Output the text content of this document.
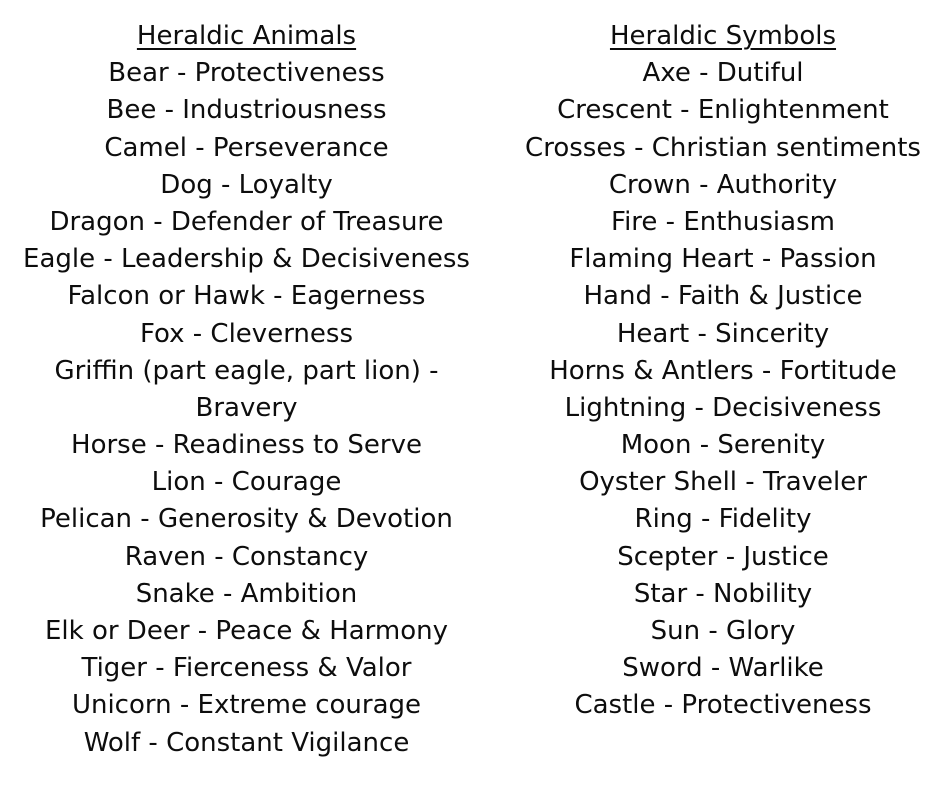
Heraldic Animals
Bear - Protectiveness
Bee - Industriousness
Camel - Perseverance
Dog - Loyalty
Dragon - Defender of Treasure
Eagle - Leadership & Decisiveness
Falcon or Hawk - Eagerness
Fox - Cleverness
Griffin (part eagle, part lion) -
Bravery
Horse - Readiness to Serve
Lion - Courage
Pelican - Generosity & Devotion
Raven - Constancy
Snake - Ambition
Elk or Deer - Peace & Harmony
Tiger - Fierceness & Valor
Unicorn - Extreme courage
Wolf - Constant Vigilance
Heraldic Symbols
Axe - Dutiful
Crescent - Enlightenment
Crosses - Christian sentiments
Crown - Authority
Fire - Enthusiasm
Flaming Heart - Passion
Hand - Faith & Justice
Heart - Sincerity
Horns & Antlers - Fortitude
Lightning - Decisiveness
Moon - Serenity
Oyster Shell - Traveler
Ring - Fidelity
Scepter - Justice
Star - Nobility
Sun - Glory
Sword - Warlike
Castle - Protectiveness
